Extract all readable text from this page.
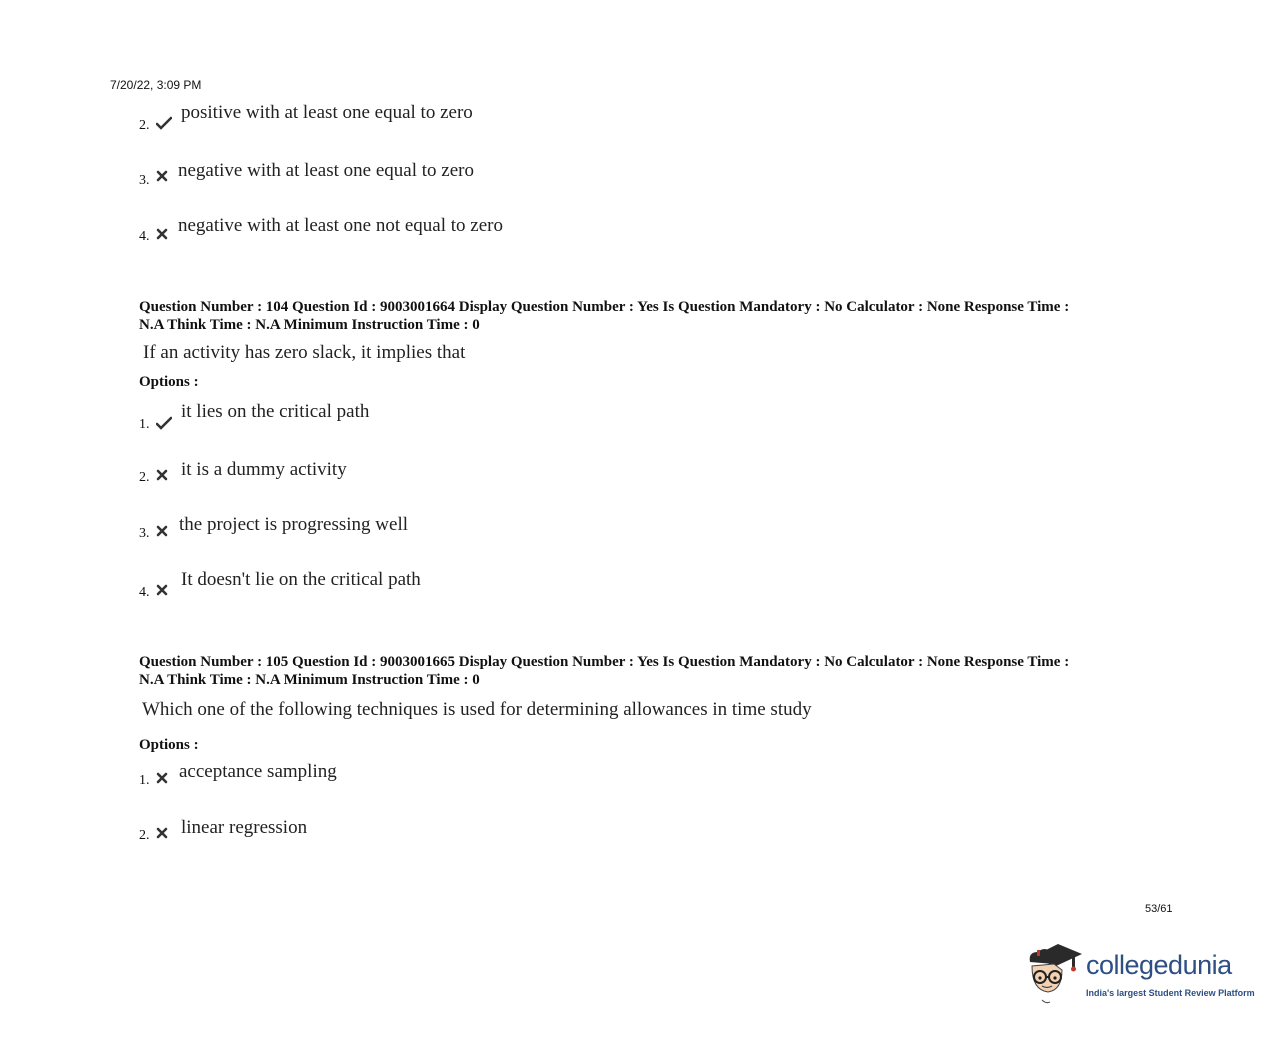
7/20/22, 3:09 PM
2.
positive with at least one equal to zero
3. negative with at least one equal to zero
4.
negative with at least one not equal to zero
Question Number : 104 Question Id : 9003001664 Display Question Number : Yes Is Question Mandatory : No Calculator : None Response Time :
N.A Think Time : N.A Minimum Instruction Time : 0
If an activity has zero slack, it implies that
Options :
1.
it lies on the critical path
2. it is a dummy activity
3. the project is progressing well
4.
It doesn't lie on the critical path
Question Number : 105 Question Id : 9003001665 Display Question Number : Yes Is Question Mandatory : No Calculator : None Response Time :
N.A Think Time : N.A Minimum Instruction Time : 0
Which one of the following techniques is used for determining allowances in time study
Options :
1. acceptance sampling
2. linear regression
53/61
collegedunia
India's largest Student Review Platform
